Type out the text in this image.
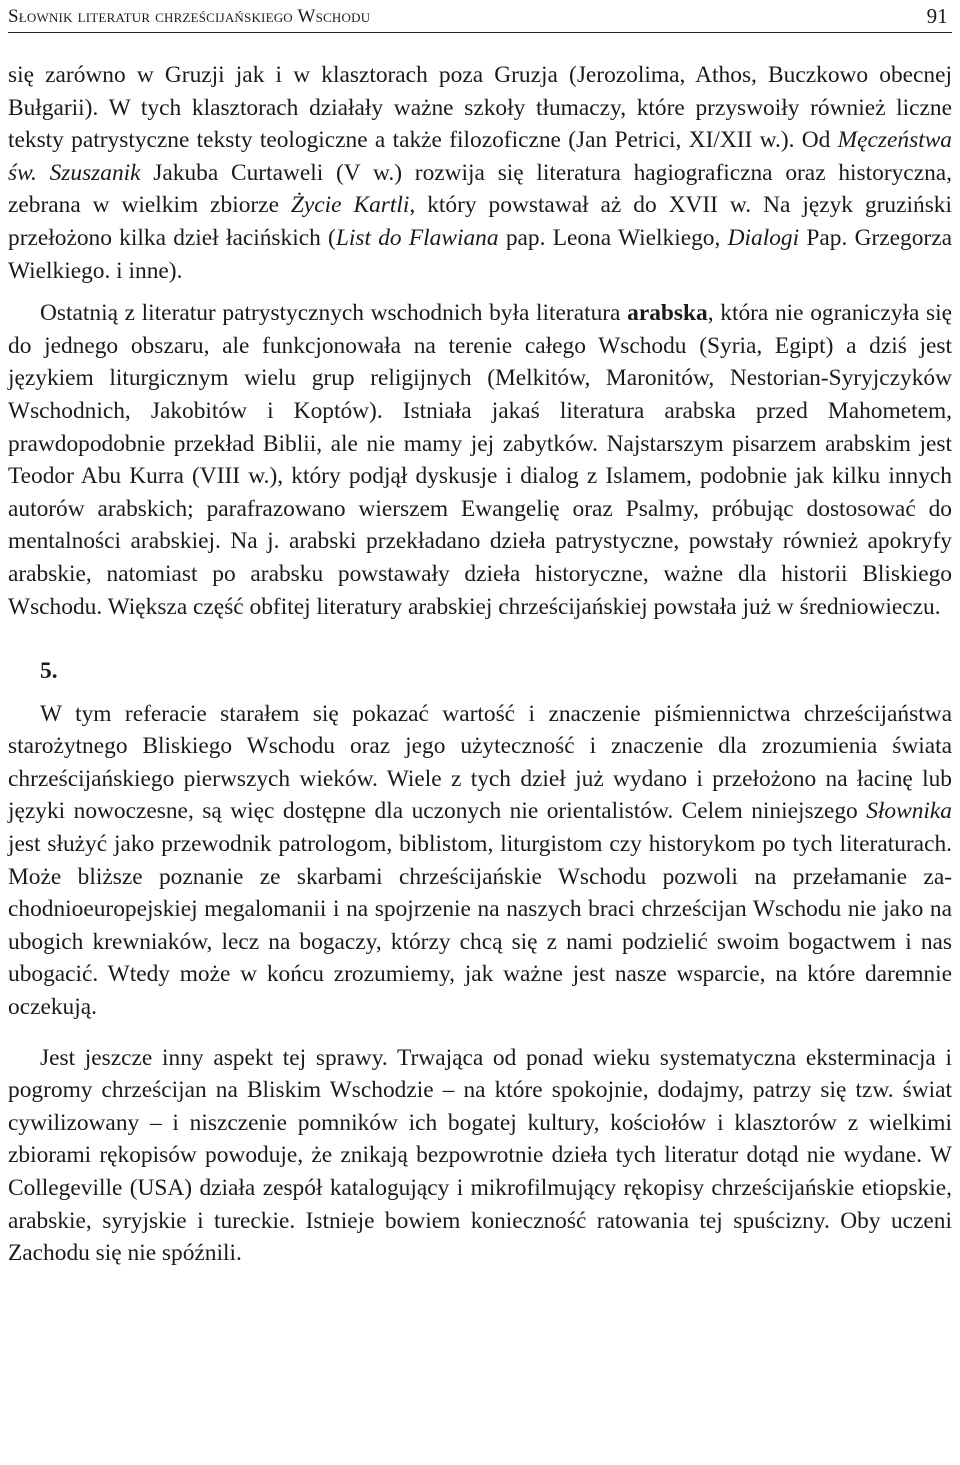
Słownik literatur chrześcijańskiego Wschodu	91

się zarówno w Gruzji jak i w klasztorach poza Gruzja (Jerozolima, Athos, Buczkowo obecnej Bułgarii). W tych klasztorach działały ważne szkoły tłumaczy, które przyswoiły również liczne teksty patrystyczne teksty teologiczne a także filozoficzne (Jan Petrici, XI/XII w.). Od Męczeństwa św. Szuszanik Jakuba Curtaweli (V w.) rozwija się literatura hagiograficzna oraz historyczna, zebrana w wielkim zbiorze Życie Kartli, który powstawał aż do XVII w. Na język gruziński przełożono kilka dzieł łacińskich (List do Flawiana pap. Leona Wielkiego, Dialogi Pap. Grzegorza Wielkiego. i inne).

Ostatnią z literatur patrystycznych wschodnich była literatura arabska, która nie ograniczyła się do jednego obszaru, ale funkcjonowała na terenie całego Wschodu (Syria, Egipt) a dziś jest językiem liturgicznym wielu grup religijnych (Melkitów, Maronitów, Nestorian-Syryjczyków Wschodnich, Jakobitów i Koptów). Istniała jakaś literatura arabska przed Mahometem, prawdopodobnie przekład Biblii, ale nie mamy jej zabytków. Najstarszym pisarzem arabskim jest Teodor Abu Kurra (VIII w.), który podjął dyskusje i dialog z Islamem, podobnie jak kilku innych autorów arabskich; parafrazowano wierszem Ewangelię oraz Psalmy, próbując dostosować do mentalności arabskiej. Na j. arabski przekładano dzieła patrystyczne, powstały również apokryfy arabskie, natomiast po arabsku powstawały dzieła historyczne, ważne dla historii Bliskiego Wschodu. Większa część obfitej literatury arabskiej chrześcijańskiej powstała już w średniowieczu.

5.

W tym referacie starałem się pokazać wartość i znaczenie piśmiennictwa chrześcijaństwa starożytnego Bliskiego Wschodu oraz jego użyteczność i znaczenie dla zrozumienia świata chrześcijańskiego pierwszych wieków. Wiele z tych dzieł już wydano i przełożono na łacinę lub języki nowoczesne, są więc dostępne dla uczonych nie orientalistów. Celem niniejszego Słownika jest służyć jako przewodnik patrologom, biblistom, liturgistom czy historykom po tych literaturach. Może bliższe poznanie ze skarbami chrześcijańskie Wschodu pozwoli na przełamanie zachodnioeuropejskiej megalomanii i na spojrzenie na naszych braci chrześcijan Wschodu nie jako na ubogich krewniaków, lecz na bogaczy, którzy chcą się z nami podzielić swoim bogactwem i nas ubogacić. Wtedy może w końcu zrozumiemy, jak ważne jest nasze wsparcie, na które daremnie oczekują.

Jest jeszcze inny aspekt tej sprawy. Trwająca od ponad wieku systematyczna eksterminacja i pogromy chrześcijan na Bliskim Wschodzie – na które spokojnie, dodajmy, patrzy się tzw. świat cywilizowany – i niszczenie pomników ich bogatej kultury, kościołów i klasztorów z wielkimi zbiorami rękopisów powoduje, że znikają bezpowrotnie dzieła tych literatur dotąd nie wydane. W Collegeville (USA) działa zespół katalogujący i mikrofilmujący rękopisy chrześcijańskie etiopskie, arabskie, syryjskie i tureckie. Istnieje bowiem konieczność ratowania tej spuścizny. Oby uczeni Zachodu się nie spóźnili.
